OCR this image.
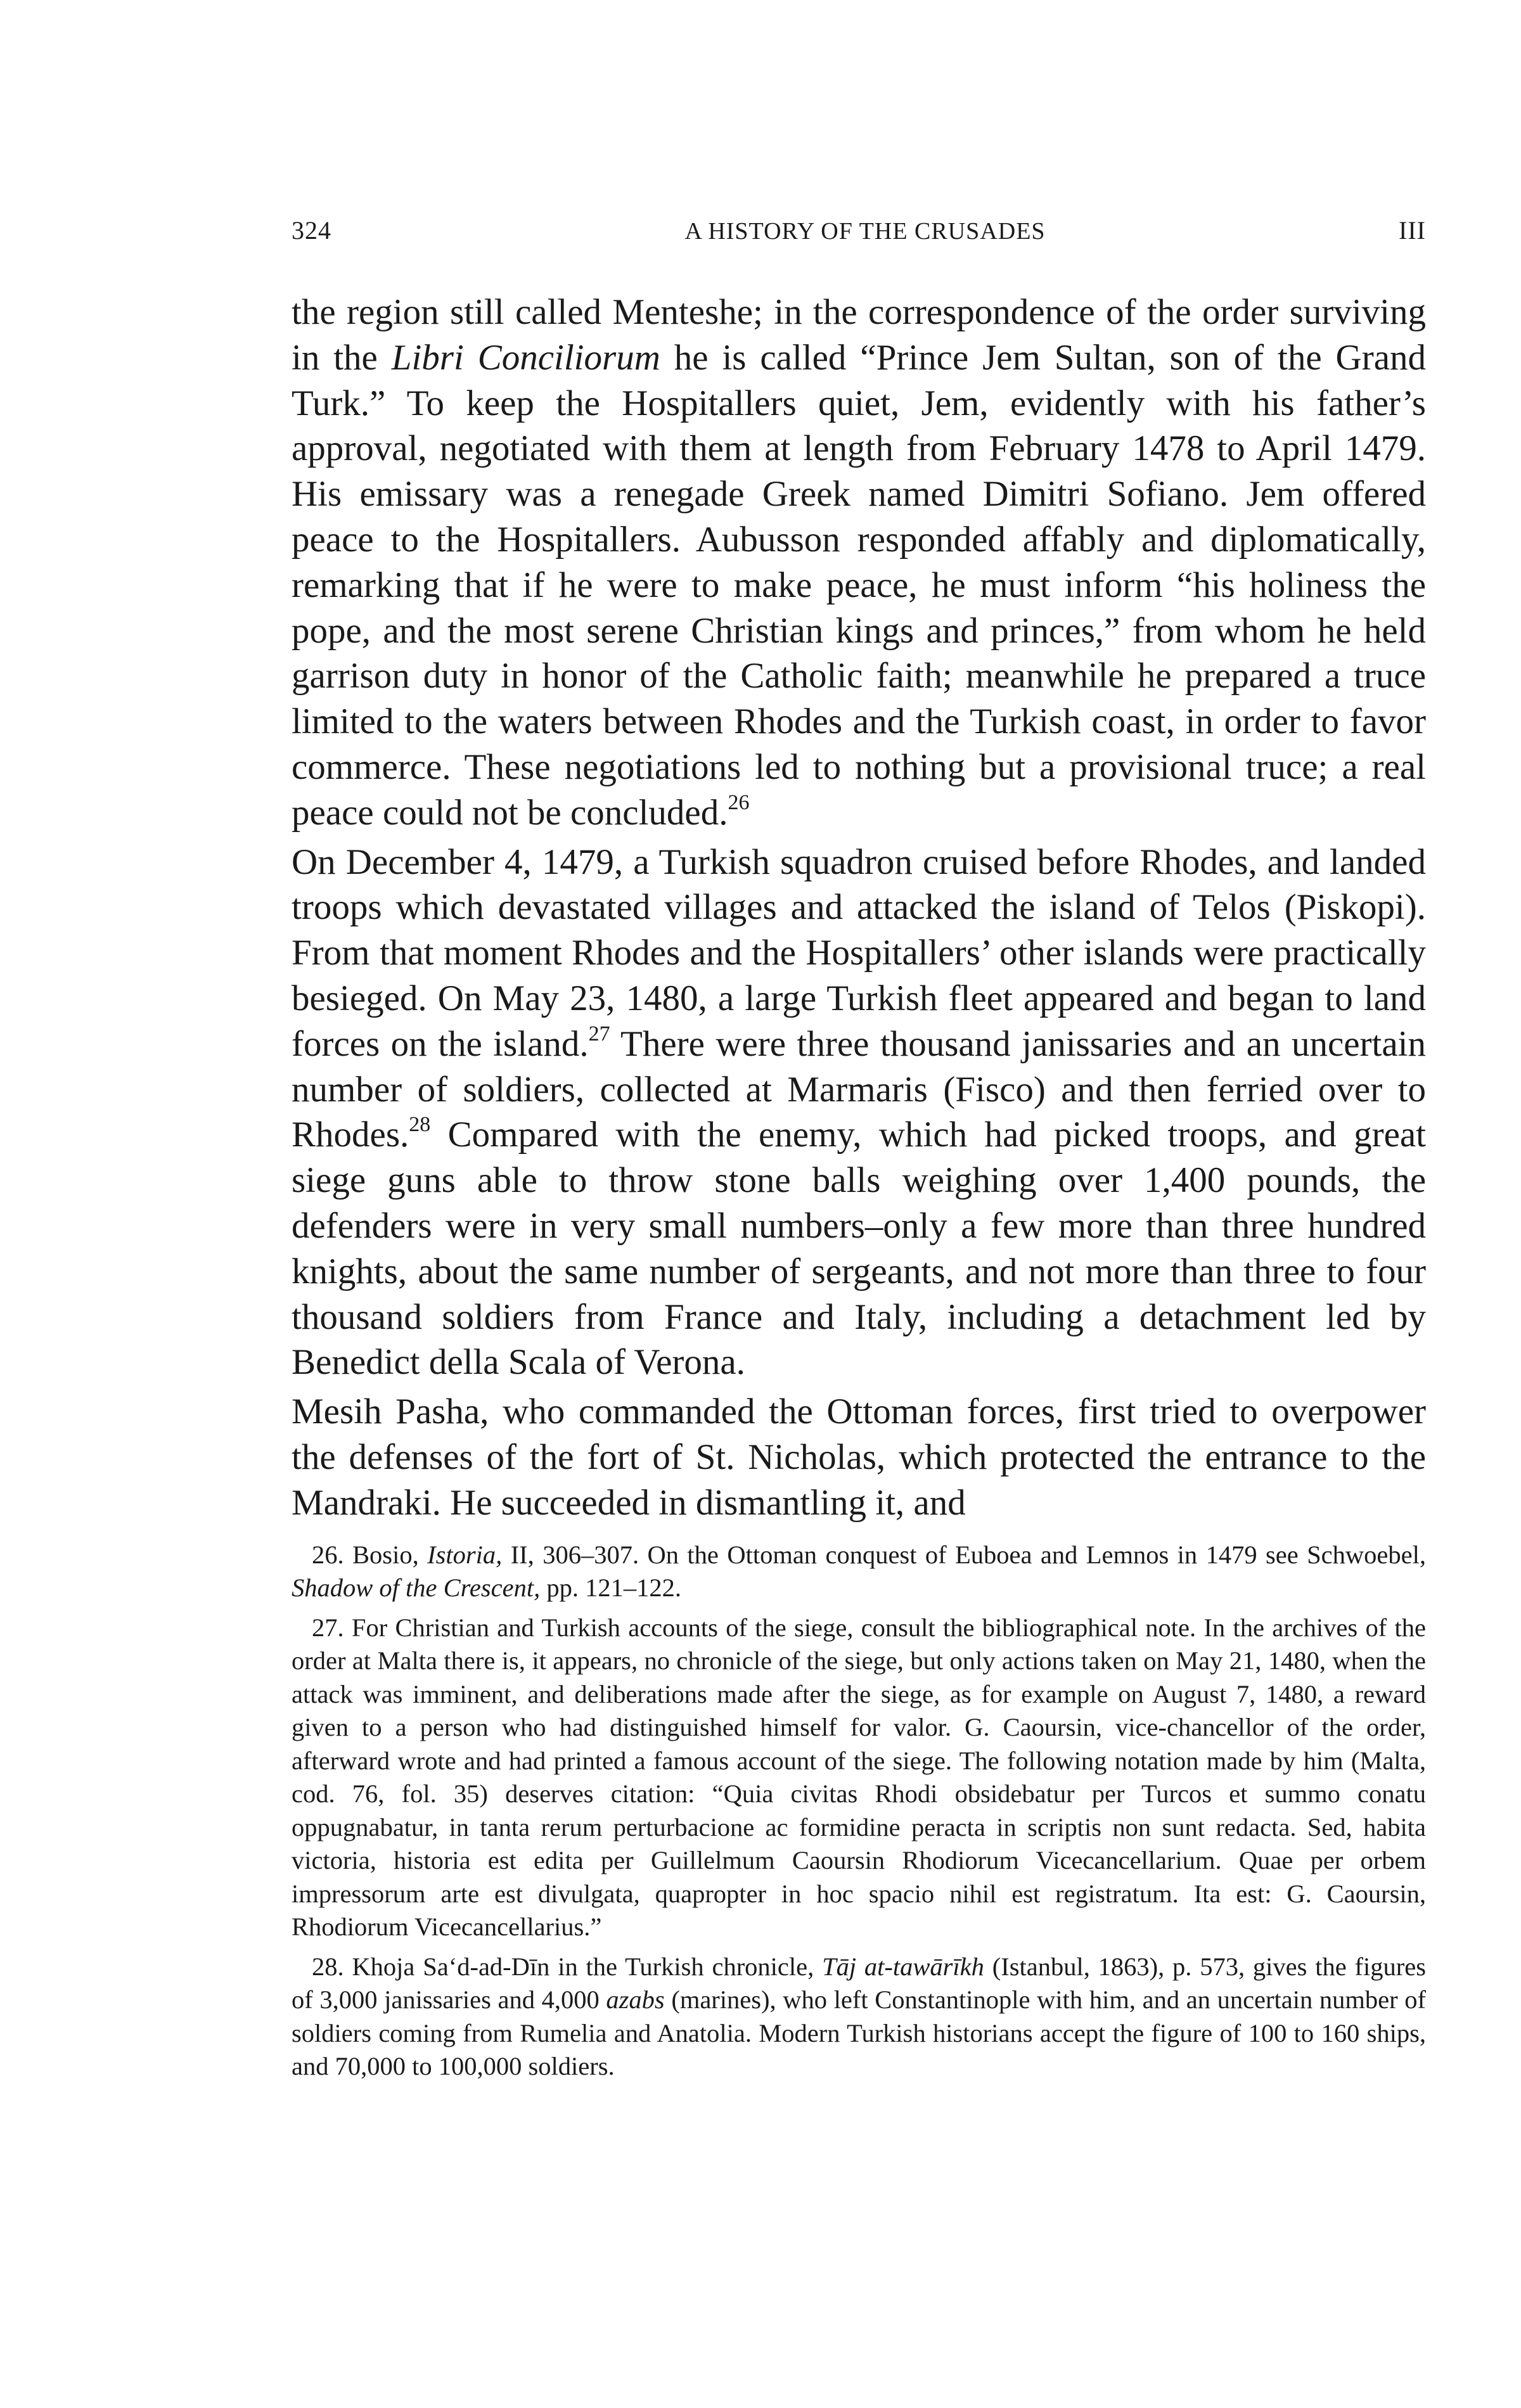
324	A HISTORY OF THE CRUSADES	III

the region still called Menteshe; in the correspondence of the order surviving in the Libri Conciliorum he is called “Prince Jem Sultan, son of the Grand Turk.” To keep the Hospitallers quiet, Jem, evidently with his father’s approval, negotiated with them at length from February 1478 to April 1479. His emissary was a renegade Greek named Dimitri Sofiano. Jem offered peace to the Hospitallers. Aubusson responded affably and diplomatically, remarking that if he were to make peace, he must inform “his holiness the pope, and the most serene Christian kings and princes,” from whom he held garrison duty in honor of the Catholic faith; meanwhile he prepared a truce limited to the waters between Rhodes and the Turkish coast, in order to favor commerce. These negotiations led to nothing but a provisional truce; a real peace could not be concluded.$^{26}$

On December 4, 1479, a Turkish squadron cruised before Rhodes, and landed troops which devastated villages and attacked the island of Telos (Piskopi). From that moment Rhodes and the Hospitallers’ other islands were practically besieged. On May 23, 1480, a large Turkish fleet appeared and began to land forces on the island.$^{27}$ There were three thousand janissaries and an uncertain number of soldiers, collected at Marmaris (Fisco) and then ferried over to Rhodes.$^{28}$ Compared with the enemy, which had picked troops, and great siege guns able to throw stone balls weighing over 1,400 pounds, the defenders were in very small numbers–only a few more than three hundred knights, about the same number of sergeants, and not more than three to four thousand soldiers from France and Italy, including a detachment led by Benedict della Scala of Verona.

Mesih Pasha, who commanded the Ottoman forces, first tried to overpower the defenses of the fort of St. Nicholas, which protected the entrance to the Mandraki. He succeeded in dismantling it, and

26. Bosio, Istoria, II, 306–307. On the Ottoman conquest of Euboea and Lemnos in 1479 see Schwoebel, Shadow of the Crescent, pp. 121–122.

27. For Christian and Turkish accounts of the siege, consult the bibliographical note. In the archives of the order at Malta there is, it appears, no chronicle of the siege, but only actions taken on May 21, 1480, when the attack was imminent, and deliberations made after the siege, as for example on August 7, 1480, a reward given to a person who had distinguished himself for valor. G. Caoursin, vice-chancellor of the order, afterward wrote and had printed a famous account of the siege. The following notation made by him (Malta, cod. 76, fol. 35) deserves citation: “Quia civitas Rhodi obsidebatur per Turcos et summo conatu oppugnabatur, in tanta rerum perturbacione ac formidine peracta in scriptis non sunt redacta. Sed, habita victoria, historia est edita per Guillelmum Caoursin Rhodiorum Vicecancellarium. Quae per orbem impressorum arte est divulgata, quapropter in hoc spacio nihil est registratum. Ita est: G. Caoursin, Rhodiorum Vicecancellarius.”

28. Khoja Sa‘d-ad-Dīn in the Turkish chronicle, Tāj at-tawārīkh (Istanbul, 1863), p. 573, gives the figures of 3,000 janissaries and 4,000 azabs (marines), who left Constantinople with him, and an uncertain number of soldiers coming from Rumelia and Anatolia. Modern Turkish historians accept the figure of 100 to 160 ships, and 70,000 to 100,000 soldiers.
